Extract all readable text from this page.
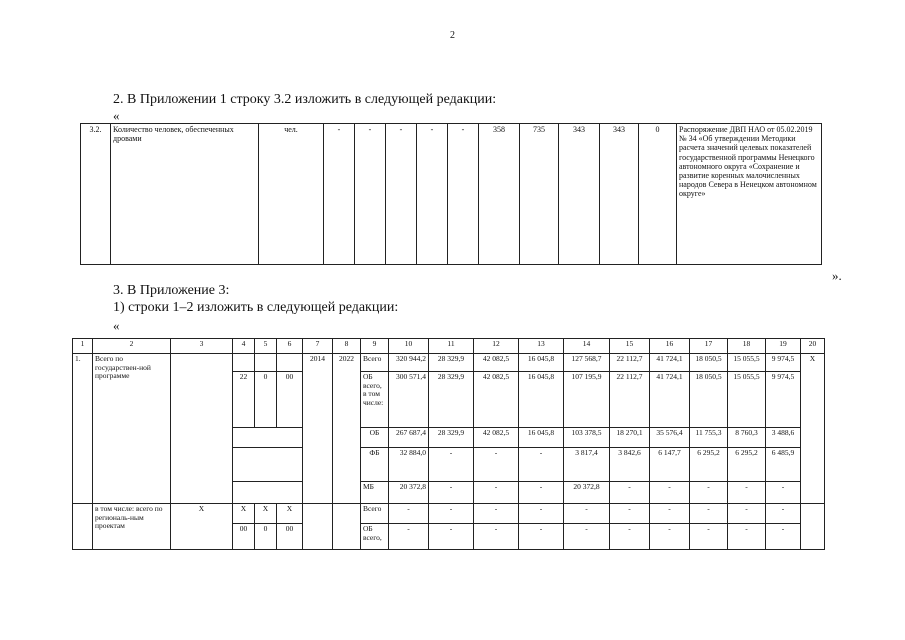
2
2. В Приложении 1 строку 3.2 изложить в следующей редакции:
«
3.2.	Количество человек, обеспеченных дровами	чел.	-	-	-	-	-	358	735	343	343	0	Распоряжение ДВП НАО от 05.02.2019 № 34 «Об утверждении Методики расчета значений целевых показателей государственной программы Ненецкого автономного округа «Сохранение и развитие коренных малочисленных народов Севера в Ненецком автономном округе»
».
3. В Приложение 3:
1) строки 1–2 изложить в следующей редакции:
«
1	2	3	4	5	6	7	8	9	10	11	12	13	14	15	16	17	18	19	20
1.	Всего по государствен-ной программе					2014	2022	Всего	320 944,2	28 329,9	42 082,5	16 045,8	127 568,7	22 112,7	41 724,1	18 050,5	15 055,5	9 974,5	X
			22	0	00			ОБ всего, в том числе:	300 571,4	28 329,9	42 082,5	16 045,8	107 195,9	22 112,7	41 724,1	18 050,5	15 055,5	9 974,5	
								ОБ	267 687,4	28 329,9	42 082,5	16 045,8	103 378,5	18 270,1	35 576,4	11 755,3	8 760,3	3 488,6	
								ФБ	32 884,0	-	-	-	3 817,4	3 842,6	6 147,7	6 295,2	6 295,2	6 485,9	
								МБ	20 372,8	-	-	-	20 372,8	-	-	-	-	-	
	в том числе: всего по региональ-ным проектам	X	X	X	X			Всего	-	-	-	-	-	-	-	-	-	-	
			00	0	00			ОБ всего,	-	-	-	-	-	-	-	-	-	-	
